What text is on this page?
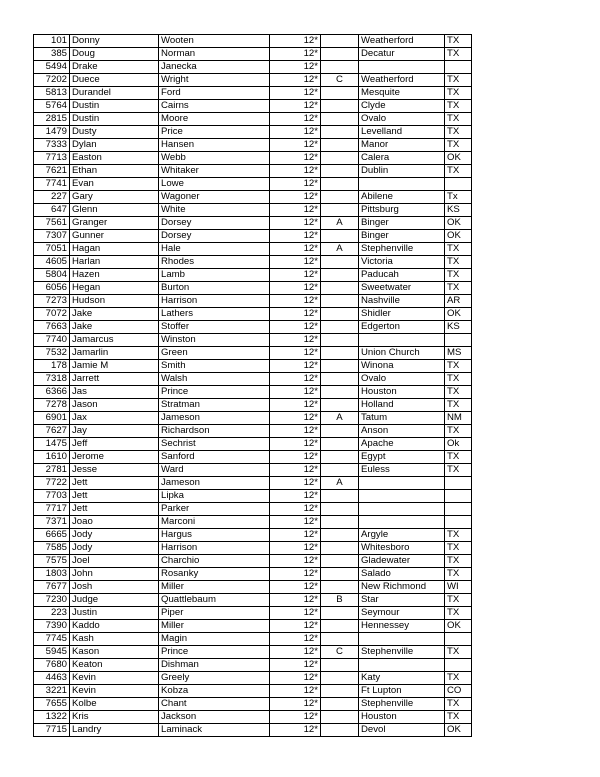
101	Donny	Wooten	12*		Weatherford	TX
385	Doug	Norman	12*		Decatur	TX
5494	Drake	Janecka	12*			
7202	Duece	Wright	12*	C	Weatherford	TX
5813	Durandel	Ford	12*		Mesquite	TX
5764	Dustin	Cairns	12*		Clyde	TX
2815	Dustin	Moore	12*		Ovalo	TX
1479	Dusty	Price	12*		Levelland	TX
7333	Dylan	Hansen	12*		Manor	TX
7713	Easton	Webb	12*		Calera	OK
7621	Ethan	Whitaker	12*		Dublin	TX
7741	Evan	Lowe	12*			
227	Gary	Wagoner	12*		Abilene	Tx
647	Glenn	White	12*		Pittsburg	KS
7561	Granger	Dorsey	12*	A	Binger	OK
7307	Gunner	Dorsey	12*		Binger	OK
7051	Hagan	Hale	12*	A	Stephenville	TX
4605	Harlan	Rhodes	12*		Victoria	TX
5804	Hazen	Lamb	12*		Paducah	TX
6056	Hegan	Burton	12*		Sweetwater	TX
7273	Hudson	Harrison	12*		Nashville	AR
7072	Jake	Lathers	12*		Shidler	OK
7663	Jake	Stoffer	12*		Edgerton	KS
7740	Jamarcus	Winston	12*			
7532	Jamarlin	Green	12*		Union Church	MS
178	Jamie M	Smith	12*		Winona	TX
7318	Jarrett	Walsh	12*		Ovalo	TX
6366	Jas	Prince	12*		Houston	TX
7278	Jason	Stratman	12*		Holland	TX
6901	Jax	Jameson	12*	A	Tatum	NM
7627	Jay	Richardson	12*		Anson	TX
1475	Jeff	Sechrist	12*		Apache	Ok
1610	Jerome	Sanford	12*		Egypt	TX
2781	Jesse	Ward	12*		Euless	TX
7722	Jett	Jameson	12*	A		
7703	Jett	Lipka	12*			
7717	Jett	Parker	12*			
7371	Joao	Marconi	12*			
6665	Jody	Hargus	12*		Argyle	TX
7585	Jody	Harrison	12*		Whitesboro	TX
7575	Joel	Charchio	12*		Gladewater	TX
1803	John	Rosanky	12*		Salado	TX
7677	Josh	Miller	12*		New Richmond	WI
7230	Judge	Quattlebaum	12*	B	Star	TX
223	Justin	Piper	12*		Seymour	TX
7390	Kaddo	Miller	12*		Hennessey	OK
7745	Kash	Magin	12*			
5945	Kason	Prince	12*	C	Stephenville	TX
7680	Keaton	Dishman	12*			
4463	Kevin	Greely	12*		Katy	TX
3221	Kevin	Kobza	12*		Ft Lupton	CO
7655	Kolbe	Chant	12*		Stephenville	TX
1322	Kris	Jackson	12*		Houston	TX
7715	Landry	Laminack	12*		Devol	OK
